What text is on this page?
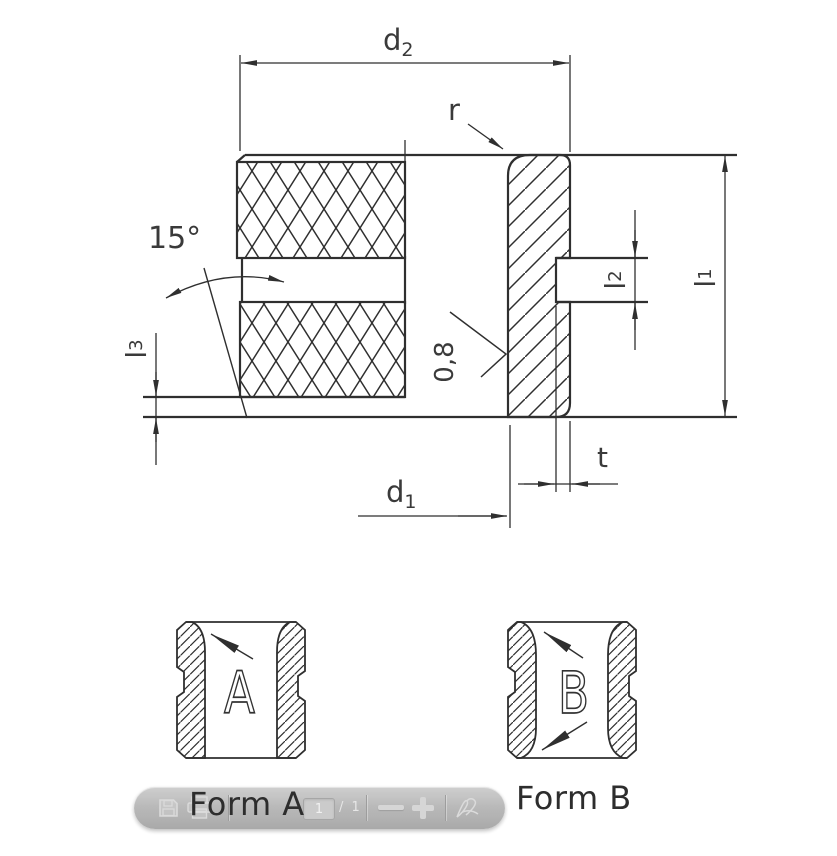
A	B
$d_2$
r
15°
l
3	0,8
l
2
l
1
$d_1$
t
Form A	Form B
1	/ 1
